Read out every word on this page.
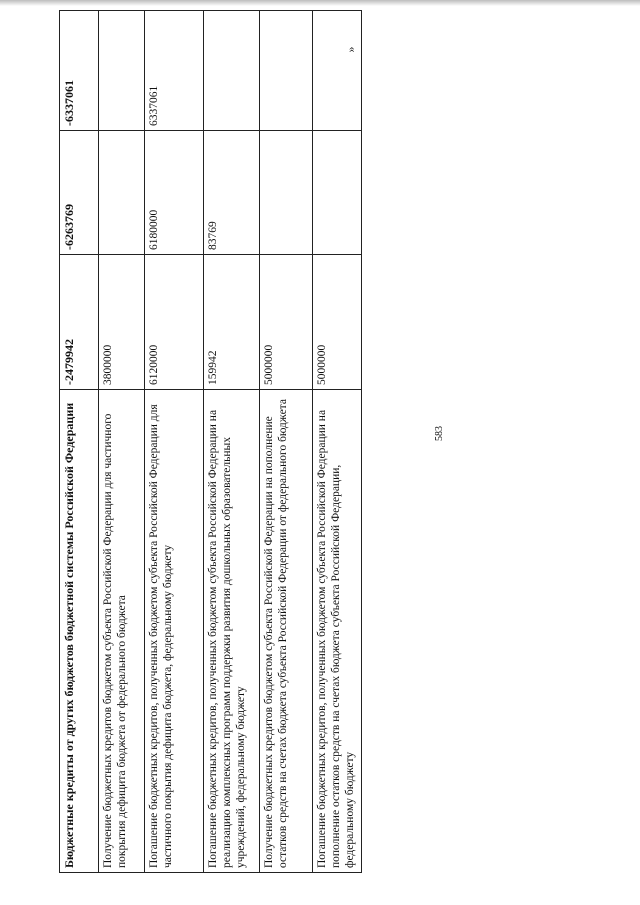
583
»
Бюджетные кредиты от других бюджетов бюджетной системы Российской Федерации	-2479942	-6263769	-6337061
Получение бюджетных кредитов бюджетом субъекта Российской Федерации для частичного покрытия дефицита бюджета от федерального бюджета	3800000		
Погашение бюджетных кредитов, полученных бюджетом субъекта Российской Федерации для частичного покрытия дефицита бюджета, федеральному бюджету	6120000	6180000	6337061
Погашение бюджетных кредитов, полученных бюджетом субъекта Российской Федерации на реализацию комплексных программ поддержки развития дошкольных образовательных учреждений, федеральному бюджету	159942	83769	
Получение бюджетных кредитов бюджетом субъекта Российской Федерации на пополнение остатков средств на счетах бюджета субъекта Российской Федерации от федерального бюджета	5000000		
Погашение бюджетных кредитов, полученных бюджетом субъекта Российской Федерации на пополнение остатков средств на счетах бюджета субъекта Российской Федерации, федеральному бюджету	5000000		
